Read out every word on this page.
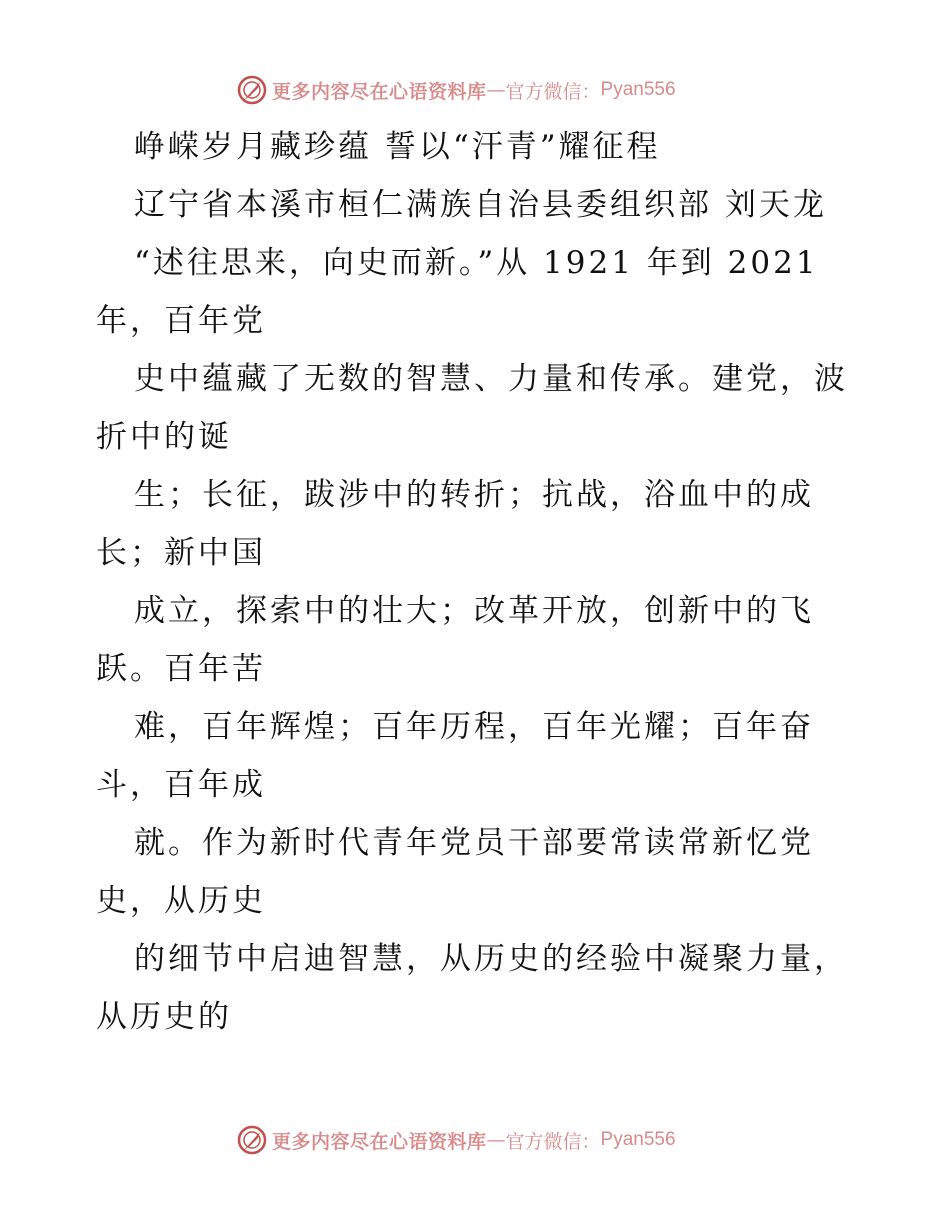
更多内容尽在心语资料库 — 官方微信： Pyan556
峥嵘岁月藏珍蕴 誓以“汗青”耀征程
辽宁省本溪市桓仁满族自治县委组织部 刘天龙
“述往思来，向史而新。”从 1921 年到 2021
年，百年党
史中蕴藏了无数的智慧、力量和传承。建党，波
折中的诞
生；长征，跋涉中的转折；抗战，浴血中的成
长；新中国
成立，探索中的壮大；改革开放，创新中的飞
跃。百年苦
难，百年辉煌；百年历程，百年光耀；百年奋
斗，百年成
就。作为新时代青年党员干部要常读常新忆党
史，从历史
的细节中启迪智慧，从历史的经验中凝聚力量，
从历史的
更多内容尽在心语资料库 — 官方微信： Pyan556
